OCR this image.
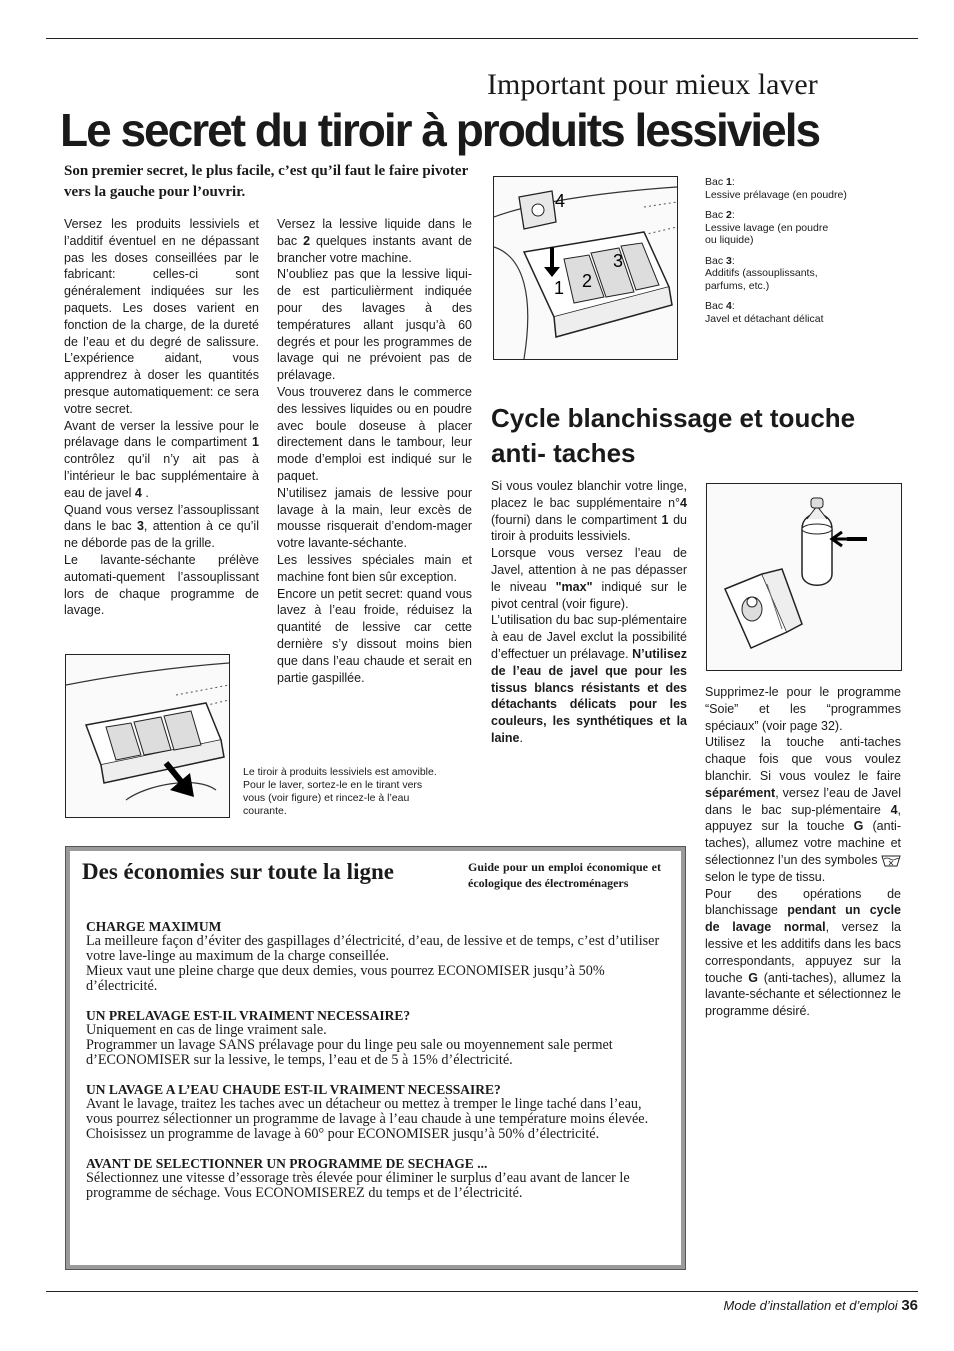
Important pour mieux laver
Le secret du tiroir à produits lessiviels
Son premier secret, le plus facile, c’est qu’il faut le faire pivoter vers la gauche pour l’ouvrir.

Versez les produits lessiviels et l’additif éventuel en ne dépassant pas les doses conseillées par le fabricant: celles-ci sont généralement indiquées sur les paquets. Les doses varient en fonction de la charge, de la dureté de l’eau et du degré de salissure. L’expérience aidant, vous apprendrez à doser les quantités presque automatiquement: ce sera votre secret.

Avant de verser la lessive pour le prélavage dans le compartiment 1 contrôlez qu’il n’y ait pas à l’intérieur le bac supplémentaire à eau de javel 4 .

Quand vous versez l’assouplissant dans le bac 3, attention à ce qu’il ne déborde pas de la grille.

Le lavante-séchante prélève automati-quement l’assouplissant lors de chaque programme de lavage.

Versez la lessive liquide dans le bac 2 quelques instants avant de brancher votre machine.

N’oubliez pas que la lessive liqui-de est particulièrment indiquée pour des lavages à des températures allant jusqu’à 60 degrés et pour les programmes de lavage qui ne prévoient pas de prélavage.

Vous trouverez dans le commerce des lessives liquides ou en poudre avec boule doseuse à placer directement dans le tambour, leur mode d’emploi est indiqué sur le paquet.

N’utilisez jamais de lessive pour lavage à la main, leur excès de mousse risquerait d’endom-mager votre lavante-séchante.

Les lessives spéciales main et machine font bien sûr exception.

Encore un petit secret: quand vous lavez à l’eau froide, réduisez la quantité de lessive car cette dernière s’y dissout moins bien que dans l’eau chaude et serait en partie gaspillée.

4
1 2
3
Bac 1:
Lessive prélavage (en poudre)
Bac 2:
Lessive lavage (en poudre ou liquide)
Bac 3:
Additifs (assouplissants, parfums, etc.)
Bac 4:
Javel et détachant délicat
Le tiroir à produits lessiviels est amovible. Pour le laver, sortez-le en le tirant vers vous (voir figure) et rincez-le à l’eau courante.
Cycle blanchissage et touche anti- taches

Si vous voulez blanchir votre linge, placez le bac supplémentaire n°4 (fourni) dans le compartiment 1 du tiroir à produits lessiviels.

Lorsque vous versez l’eau de Javel, attention à ne pas dépasser le niveau "max" indiqué sur le pivot central (voir figure).

L’utilisation du bac sup-plémentaire à eau de Javel exclut la possibilité d’effectuer un prélavage. N’utilisez de l’eau de javel que pour les tissus blancs résistants et des détachants délicats pour les couleurs, les synthétiques et la laine.

Supprimez-le pour le programme “Soie” et les “programmes spéciaux” (voir page 32).

Utilisez la touche anti-taches chaque fois que vous voulez blanchir. Si vous voulez le faire séparément, versez l’eau de Javel dans le bac sup-plémentaire 4, appuyez sur la touche G (anti-taches), allumez votre machine et sélectionnez l’un des symboles  selon le type de tissu.

Pour des opérations de blanchissage pendant un cycle de lavage normal, versez la lessive et les additifs dans les bacs correspondants, appuyez sur la touche G (anti-taches), allumez la lavante-séchante et sélectionnez le programme désiré.

Des économies sur toute la ligne	Guide pour un emploi économique et écologique des électroménagers
CHARGE MAXIMUM
La meilleure façon d’éviter des gaspillages d’électricité, d’eau, de lessive et de temps, c’est d’utiliser votre lave-linge au maximum de la charge conseillée.
Mieux vaut une pleine charge que deux demies, vous pourrez ECONOMISER jusqu’à 50% d’électricité.
UN PRELAVAGE EST-IL VRAIMENT NECESSAIRE?
Uniquement en cas de linge vraiment sale.
Programmer un lavage SANS prélavage pour du linge peu sale ou moyennement sale permet d’ECONOMISER sur la lessive, le temps, l’eau et de 5 à 15% d’électricité.
UN LAVAGE A L’EAU CHAUDE EST-IL VRAIMENT NECESSAIRE?
Avant le lavage, traitez les taches avec un détacheur ou mettez à tremper le linge taché dans l’eau, vous pourrez sélectionner un programme de lavage à l’eau chaude à une température moins élevée.
Choisissez un programme de lavage à 60° pour ECONOMISER jusqu’à 50% d’électricité.
AVANT DE SELECTIONNER UN PROGRAMME DE SECHAGE ...
Sélectionnez une vitesse d’essorage très élevée pour éliminer le surplus d’eau avant de lancer le programme de séchage. Vous ECONOMISEREZ du temps et de l’électricité.
Mode d’installation et d’emploi 36
